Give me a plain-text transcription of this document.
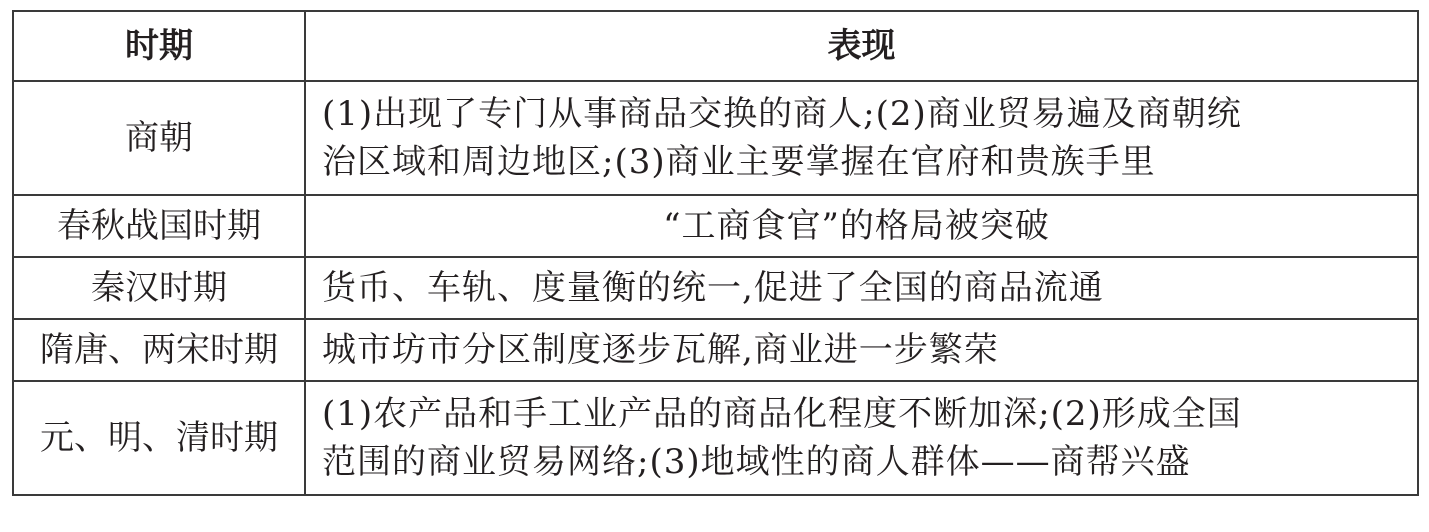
时期	表现
商朝	(1)出现了专门从事商品交换的商人;(2)商业贸易遍及商朝统
治区域和周边地区;(3)商业主要掌握在官府和贵族手里

春秋战国时期	“工商食官”的格局被突破

秦汉时期	货币、车轨、度量衡的统一,促进了全国的商品流通

隋唐、两宋时期	城市坊市分区制度逐步瓦解,商业进一步繁荣

元、明、清时期	(1)农产品和手工业产品的商品化程度不断加深;(2)形成全国
范围的商业贸易网络;(3)地域性的商人群体——商帮兴盛
